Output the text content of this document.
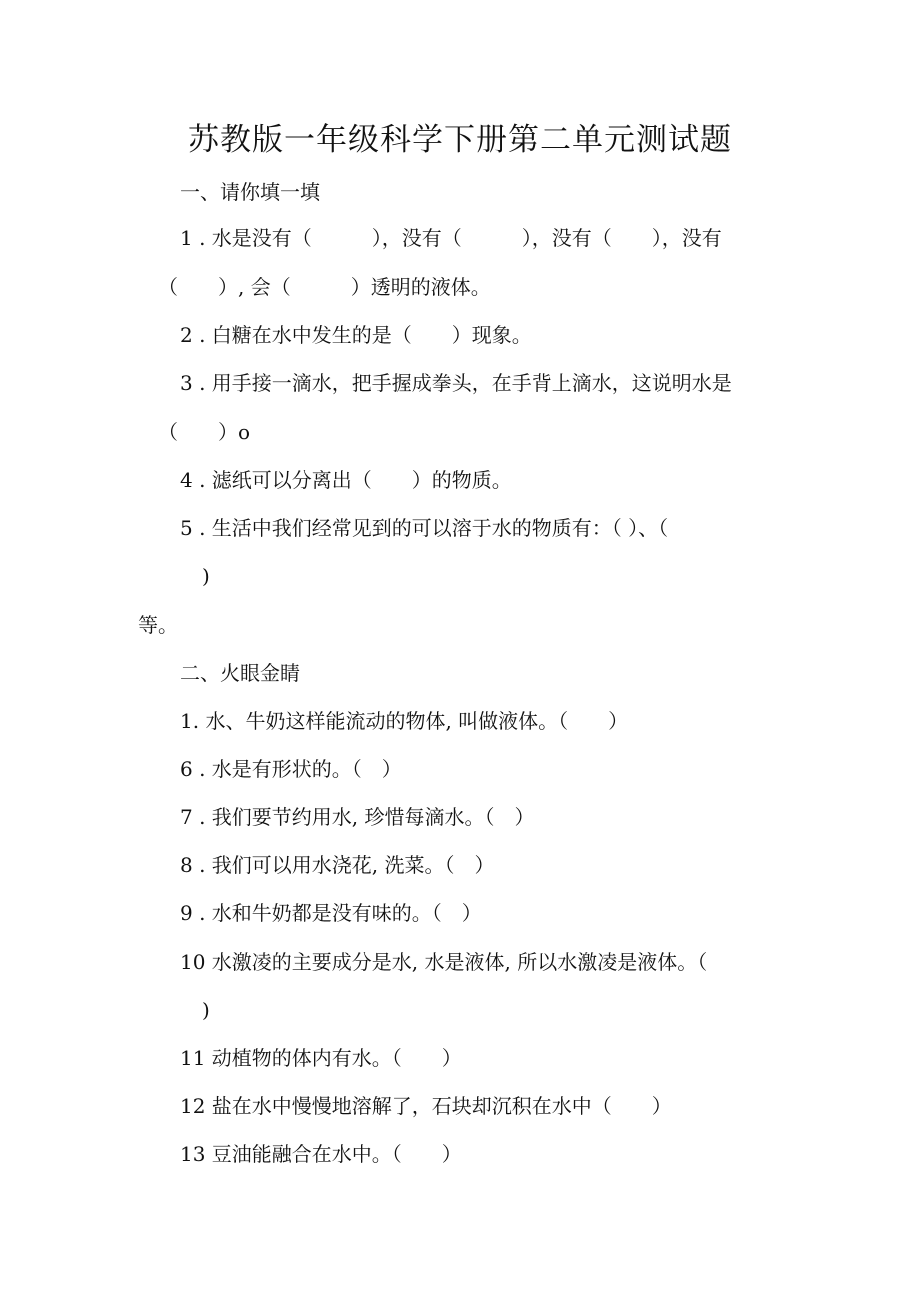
苏教版一年级科学下册第二单元测试题
一、请你填一填
1 . 水是没有（　　　），没有（　　　），没有（　　），没有
（　　）, 会（　　　）透明的液体。
2 . 白糖在水中发生的是（　　）现象。
3 . 用手接一滴水，把手握成拳头，在手背上滴水，这说明水是
（　　）o
4 . 滤纸可以分离出（　　）的物质。
5 . 生活中我们经常见到的可以溶于水的物质有：（ ）、（
)
等。
二、火眼金睛
1. 水、牛奶这样能流动的物体, 叫做液体。（　　）
6 . 水是有形状的。（　）
7 . 我们要节约用水, 珍惜每滴水。（　）
8 . 我们可以用水浇花, 洗菜。（　）
9 . 水和牛奶都是没有味的。（　）
10 水激凌的主要成分是水, 水是液体, 所以水激凌是液体。（
)
11 动植物的体内有水。（　　）
12 盐在水中慢慢地溶解了，石块却沉积在水中（　　）
13 豆油能融合在水中。（　　）
